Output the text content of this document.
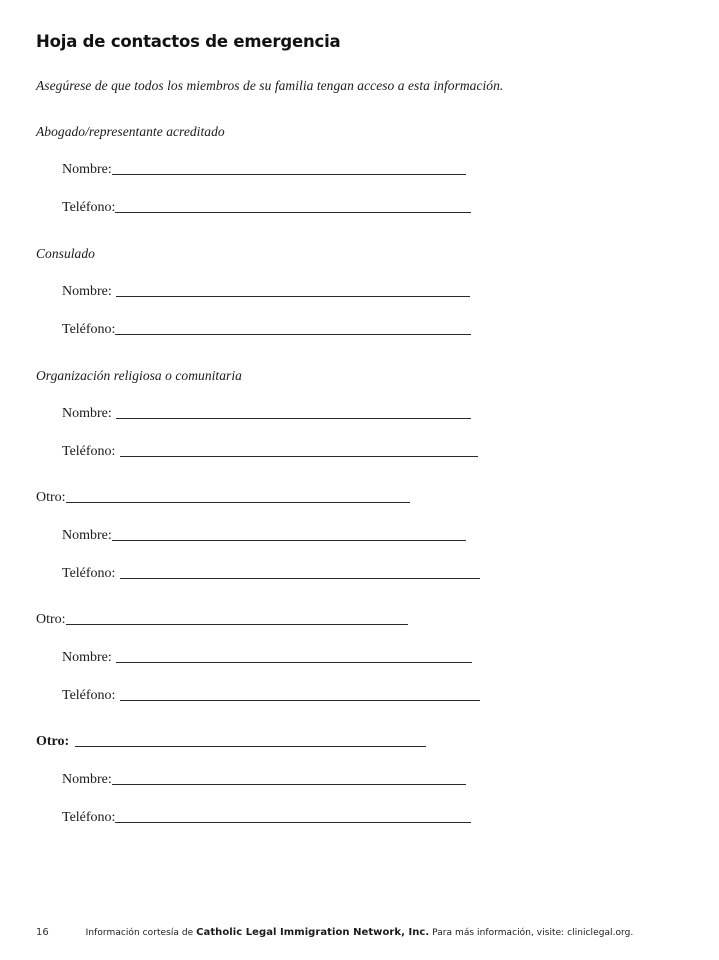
Hoja de contactos de emergencia
Asegúrese de que todos los miembros de su familia tengan acceso a esta información.
Abogado/representante acreditado
Nombre:
Teléfono:
Consulado
Nombre:
Teléfono:
Organización religiosa o comunitaria
Nombre:
Teléfono:
Otro:
Nombre:
Teléfono:
Otro:
Nombre:
Teléfono:
Otro:
Nombre:
Teléfono:
16	Información cortesía de Catholic Legal Immigration Network, Inc. Para más información, visite: cliniclegal.org.
